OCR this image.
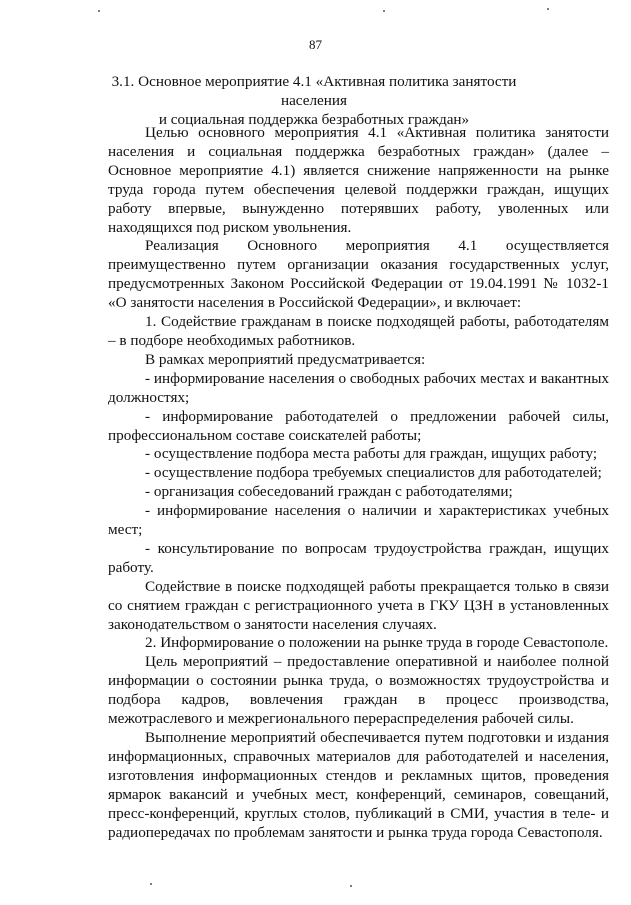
87
3.1. Основное мероприятие 4.1 «Активная политика занятости населения
и социальная поддержка безработных граждан»

Целью основного мероприятия 4.1 «Активная политика занятости населения и социальная поддержка безработных граждан» (далее – Основное мероприятие 4.1) является снижение напряженности на рынке труда города путем обеспечения целевой поддержки граждан, ищущих работу впервые, вынужденно потерявших работу, уволенных или находящихся под риском увольнения.

Реализация Основного мероприятия 4.1 осуществляется преимущественно путем организации оказания государственных услуг, предусмотренных Законом Российской Федерации от 19.04.1991 № 1032-1 «О занятости населения в Российской Федерации», и включает:

1. Содействие гражданам в поиске подходящей работы, работодателям – в подборе необходимых работников.

В рамках мероприятий предусматривается:

- информирование населения о свободных рабочих местах и вакантных должностях;

- информирование работодателей о предложении рабочей силы, профессиональном составе соискателей работы;

- осуществление подбора места работы для граждан, ищущих работу;

- осуществление подбора требуемых специалистов для работодателей;

- организация собеседований граждан с работодателями;

- информирование населения о наличии и характеристиках учебных мест;

- консультирование по вопросам трудоустройства граждан, ищущих работу.

Содействие в поиске подходящей работы прекращается только в связи со снятием граждан с регистрационного учета в ГКУ ЦЗН в установленных законодательством о занятости населения случаях.

2. Информирование о положении на рынке труда в городе Севастополе.

Цель мероприятий – предоставление оперативной и наиболее полной информации о состоянии рынка труда, о возможностях трудоустройства и подбора кадров, вовлечения граждан в процесс производства, межотраслевого и межрегионального перераспределения рабочей силы.

Выполнение мероприятий обеспечивается путем подготовки и издания информационных, справочных материалов для работодателей и населения, изготовления информационных стендов и рекламных щитов, проведения ярмарок вакансий и учебных мест, конференций, семинаров, совещаний, пресс-конференций, круглых столов, публикаций в СМИ, участия в теле- и радиопередачах по проблемам занятости и рынка труда города Севастополя.
